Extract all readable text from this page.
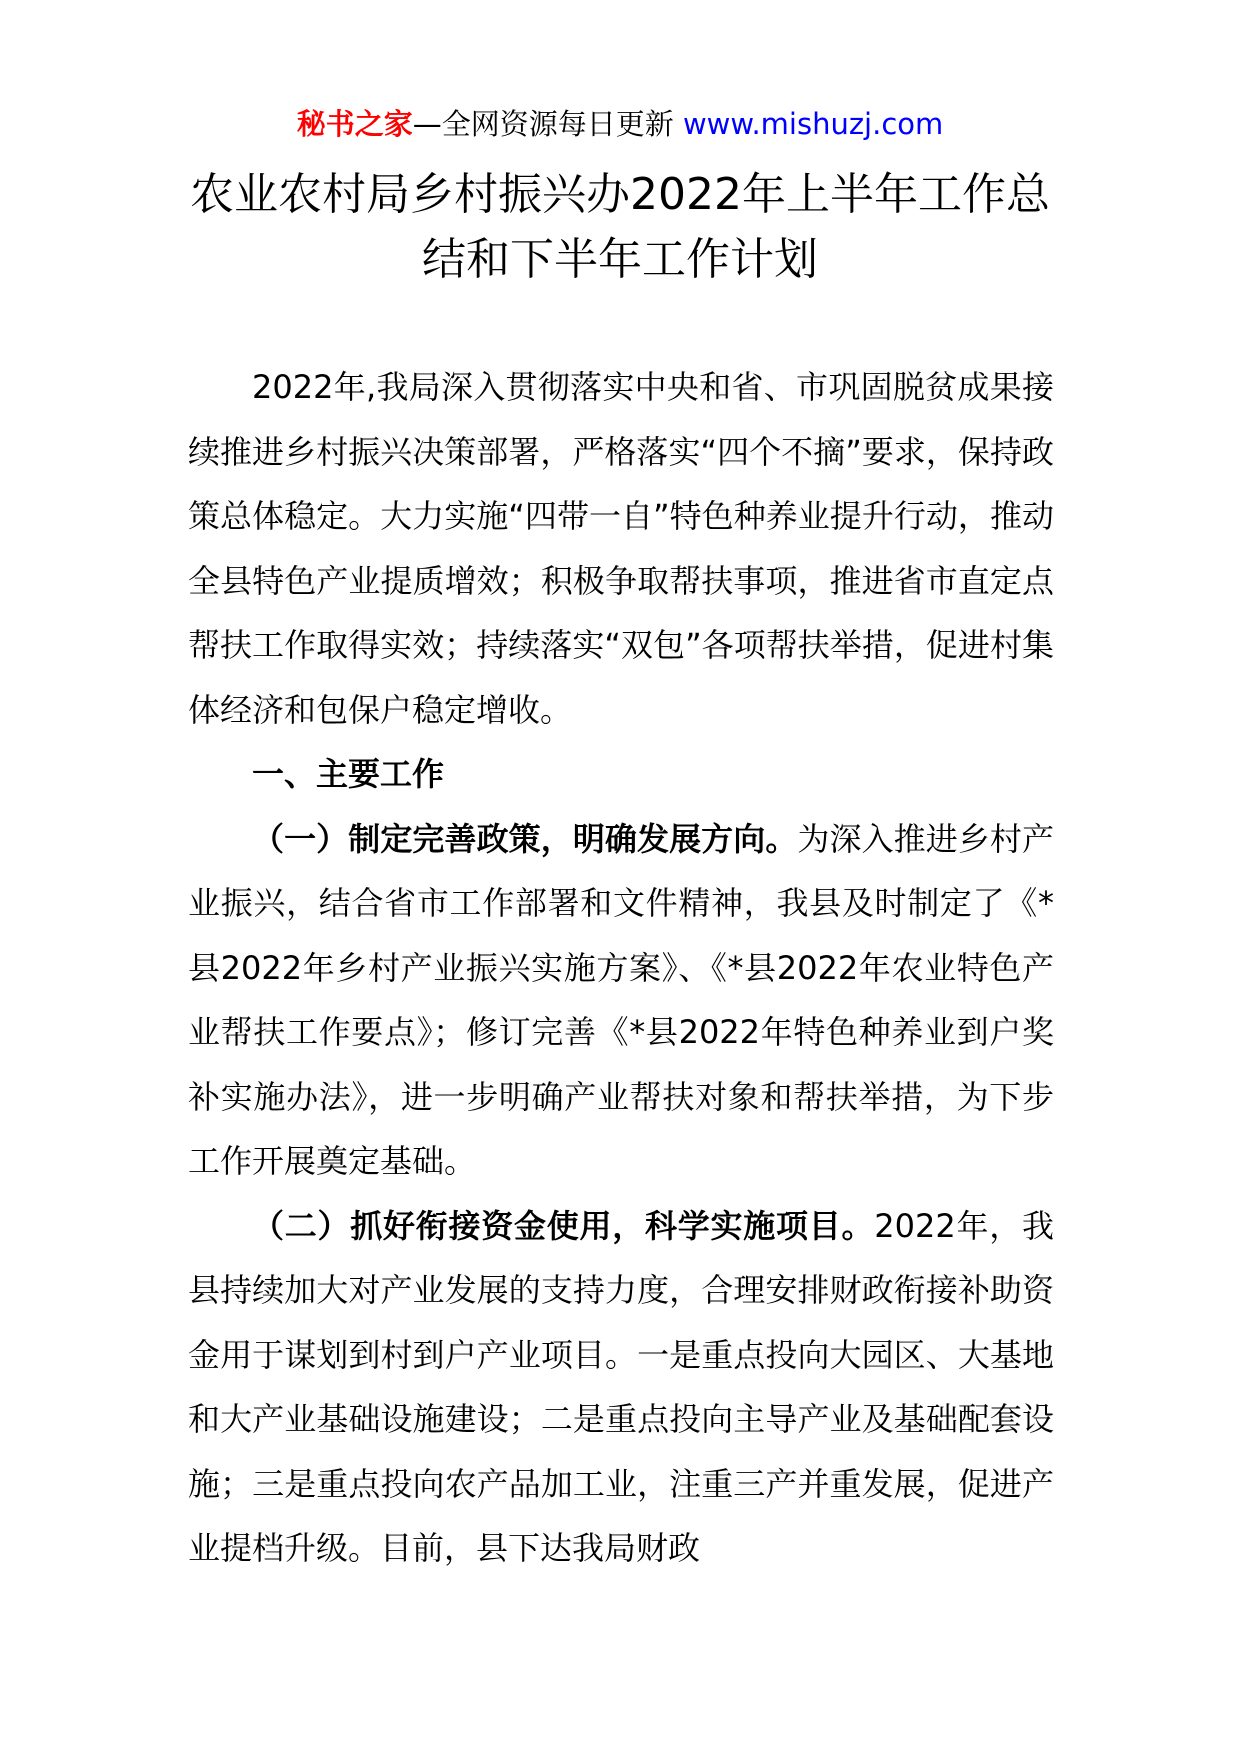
秘书之家—全网资源每日更新 www.mishuzj.com
农业农村局乡村振兴办2022年上半年工作总结和下半年工作计划

2022年,我局深入贯彻落实中央和省、市巩固脱贫成果接续推进乡村振兴决策部署，严格落实“四个不摘”要求，保持政策总体稳定。大力实施“四带一自”特色种养业提升行动，推动全县特色产业提质增效；积极争取帮扶事项，推进省市直定点帮扶工作取得实效；持续落实“双包”各项帮扶举措，促进村集体经济和包保户稳定增收。

一、主要工作

（一）制定完善政策，明确发展方向。为深入推进乡村产业振兴，结合省市工作部署和文件精神，我县及时制定了《*县2022年乡村产业振兴实施方案》、《*县2022年农业特色产业帮扶工作要点》；修订完善《*县2022年特色种养业到户奖补实施办法》，进一步明确产业帮扶对象和帮扶举措，为下步工作开展奠定基础。

（二）抓好衔接资金使用，科学实施项目。2022年，我县持续加大对产业发展的支持力度，合理安排财政衔接补助资金用于谋划到村到户产业项目。一是重点投向大园区、大基地和大产业基础设施建设；二是重点投向主导产业及基础配套设施；三是重点投向农产品加工业，注重三产并重发展，促进产业提档升级。目前，县下达我局财政
